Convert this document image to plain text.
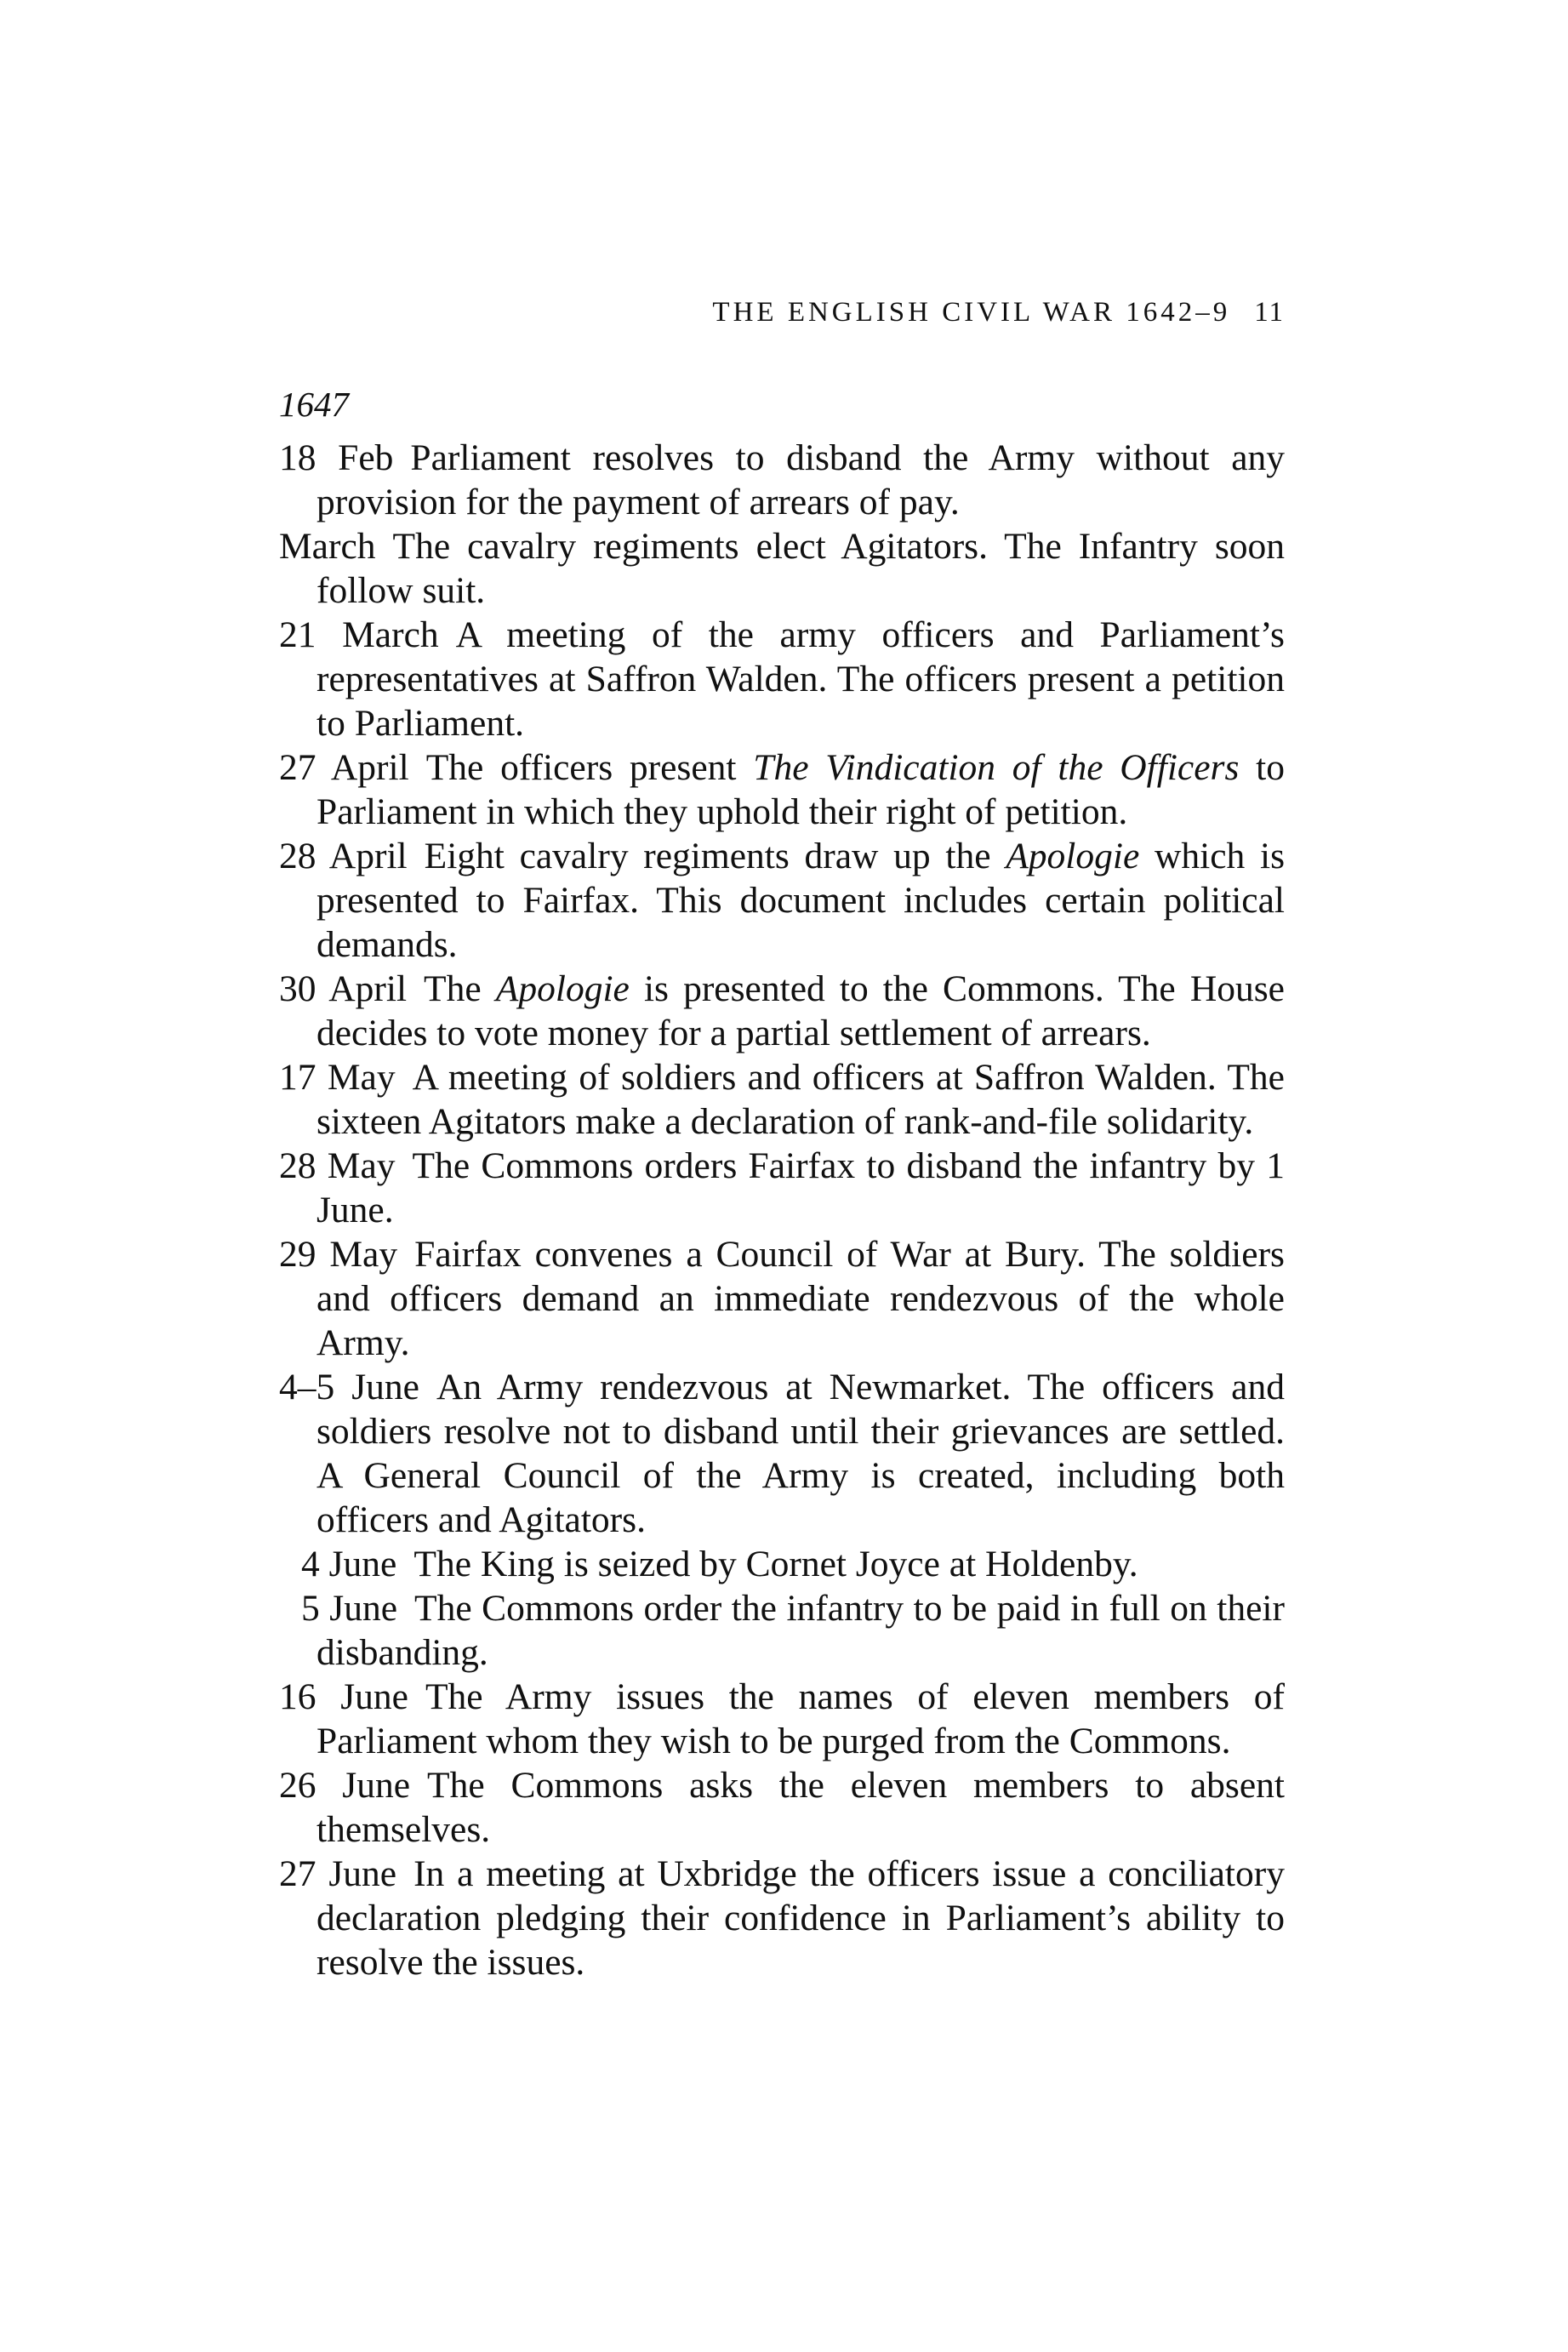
THE ENGLISH CIVIL WAR 1642–9 11
1647

18 Feb Parliament resolves to disband the Army without any provision for the payment of arrears of pay.

March The cavalry regiments elect Agitators. The Infantry soon follow suit.

21 March A meeting of the army officers and Parliament’s representatives at Saffron Walden. The officers present a petition to Parliament.

27 April The officers present The Vindication of the Officers to Parliament in which they uphold their right of petition.

28 April Eight cavalry regiments draw up the Apologie which is presented to Fairfax. This document includes certain political demands.

30 April The Apologie is presented to the Commons. The House decides to vote money for a partial settlement of arrears.

17 May A meeting of soldiers and officers at Saffron Walden. The sixteen Agitators make a declaration of rank-and-file solidarity.

28 May The Commons orders Fairfax to disband the infantry by 1 June.

29 May Fairfax convenes a Council of War at Bury. The soldiers and officers demand an immediate rendezvous of the whole Army.

4–5 June An Army rendezvous at Newmarket. The officers and soldiers resolve not to disband until their grievances are settled. A General Council of the Army is created, including both officers and Agitators.

4 June The King is seized by Cornet Joyce at Holdenby.

5 June The Commons order the infantry to be paid in full on their disbanding.

16 June The Army issues the names of eleven members of Parliament whom they wish to be purged from the Commons.

26 June The Commons asks the eleven members to absent themselves.

27 June In a meeting at Uxbridge the officers issue a conciliatory declaration pledging their confidence in Parliament’s ability to resolve the issues.
